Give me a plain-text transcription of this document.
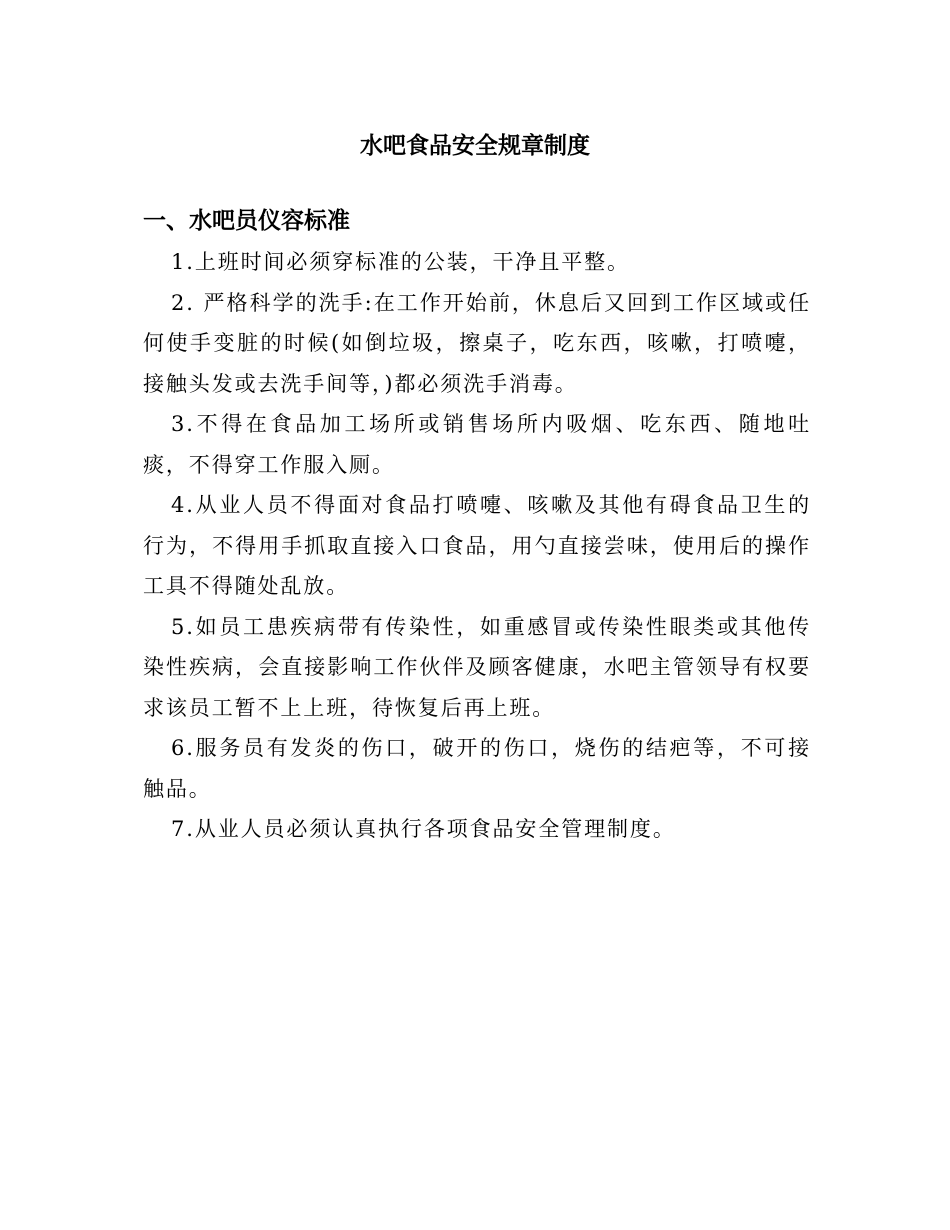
水吧食品安全规章制度
一、水吧员仪容标准

1.上班时间必须穿标准的公装，干净且平整。

2. 严格科学的洗手:在工作开始前，休息后又回到工作区域或任何使手变脏的时候(如倒垃圾，擦桌子，吃东西，咳嗽，打喷嚏，接触头发或去洗手间等，)都必须洗手消毒。

3.不得在食品加工场所或销售场所内吸烟、吃东西、随地吐痰，不得穿工作服入厕。

4.从业人员不得面对食品打喷嚏、咳嗽及其他有碍食品卫生的行为，不得用手抓取直接入口食品，用勺直接尝味，使用后的操作工具不得随处乱放。

5.如员工患疾病带有传染性，如重感冒或传染性眼类或其他传染性疾病，会直接影响工作伙伴及顾客健康，水吧主管领导有权要求该员工暂不上上班，待恢复后再上班。

6.服务员有发炎的伤口，破开的伤口，烧伤的结疤等，不可接触品。

7.从业人员必须认真执行各项食品安全管理制度。
